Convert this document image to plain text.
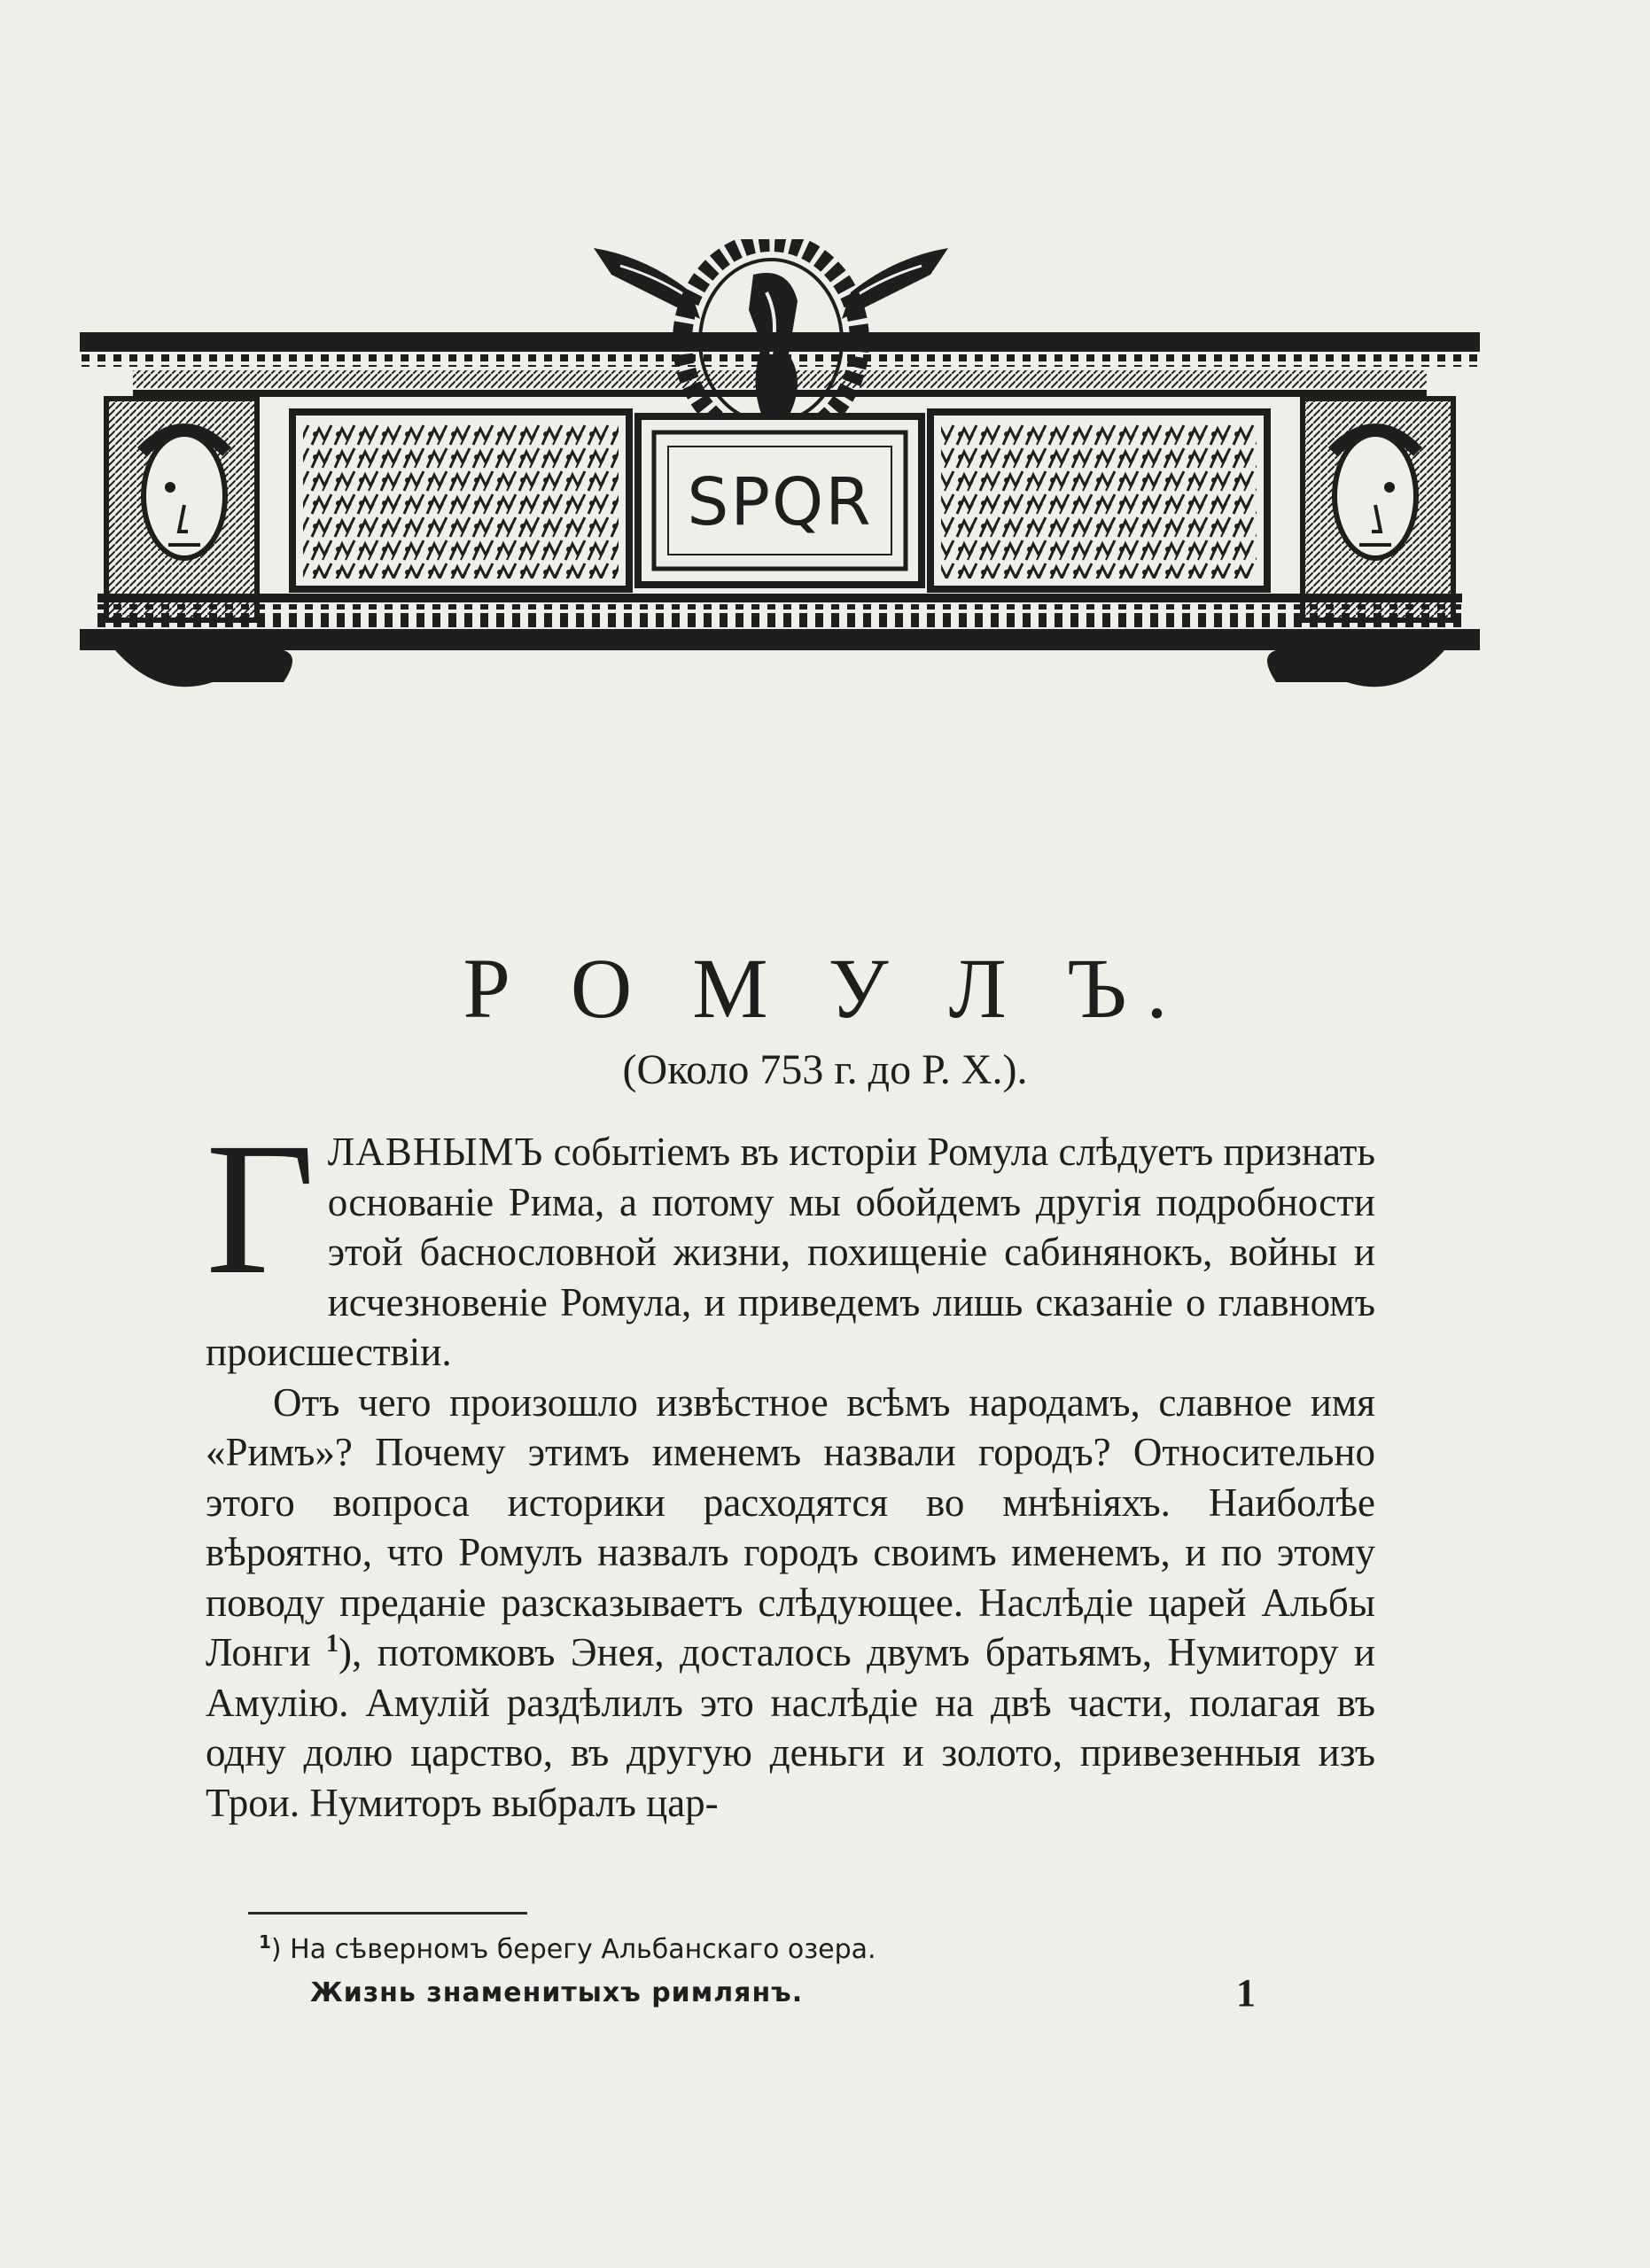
SPQR
Р О М У Л Ъ.

(Около 753 г. до Р. X.).

ГЛАВНЫМЪ событіемъ въ исторіи Ромула слѣдуетъ признать основаніе Рима, а потому мы обойдемъ другія подробности этой баснословной жизни, похищеніе сабинянокъ, войны и исчезновеніе Ромула, и приведемъ лишь сказаніе о главномъ происшествіи.

Отъ чего произошло извѣстное всѣмъ народамъ, славное имя «Римъ»? Почему этимъ именемъ назвали городъ? Относительно этого вопроса историки расходятся во мнѣніяхъ. Наиболѣе вѣроятно, что Ромулъ назвалъ городъ своимъ именемъ, и по этому поводу преданіе разсказываетъ слѣдующее. Наслѣдіе царей Альбы Лонги $^1$), потомковъ Энея, досталось двумъ братьямъ, Нумитору и Амулію. Амулій раздѣлилъ это наслѣдіе на двѣ части, полагая въ одну долю царство, въ другую деньги и золото, привезенныя изъ Трои. Нумиторъ выбралъ цар-

$^1$) На сѣверномъ берегу Альбанскаго озера.
Жизнь знаменитыхъ римлянъ.	1
